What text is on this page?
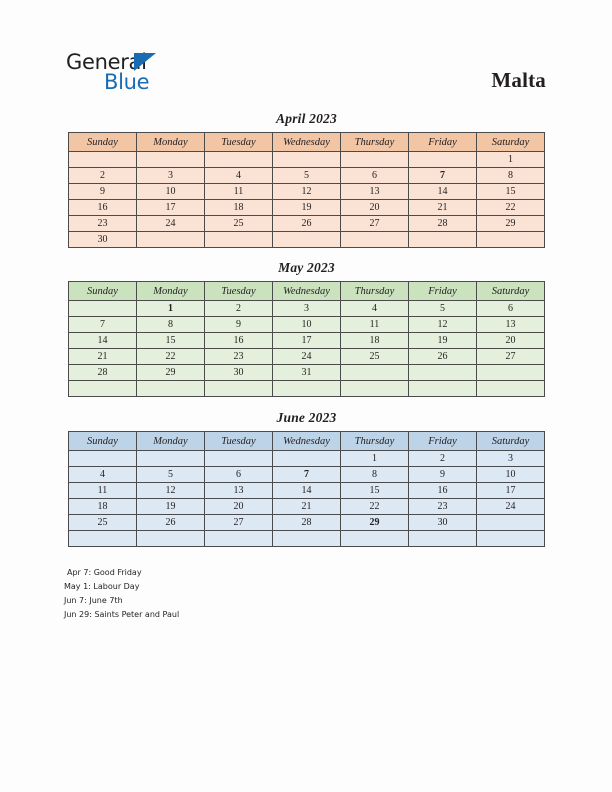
General
Blue	Malta
April 2023
Sunday	Monday	Tuesday	Wednesday	Thursday	Friday	Saturday
						1
2	3	4	5	6	7	8
9	10	11	12	13	14	15
16	17	18	19	20	21	22
23	24	25	26	27	28	29
30						
May 2023
Sunday	Monday	Tuesday	Wednesday	Thursday	Friday	Saturday
	1	2	3	4	5	6
7	8	9	10	11	12	13
14	15	16	17	18	19	20
21	22	23	24	25	26	27
28	29	30	31			

June 2023
Sunday	Monday	Tuesday	Wednesday	Thursday	Friday	Saturday
				1	2	3
4	5	6	7	8	9	10
11	12	13	14	15	16	17
18	19	20	21	22	23	24
25	26	27	28	29	30	

Apr 7: Good Friday
May 1: Labour Day
Jun 7: June 7th
Jun 29: Saints Peter and Paul
